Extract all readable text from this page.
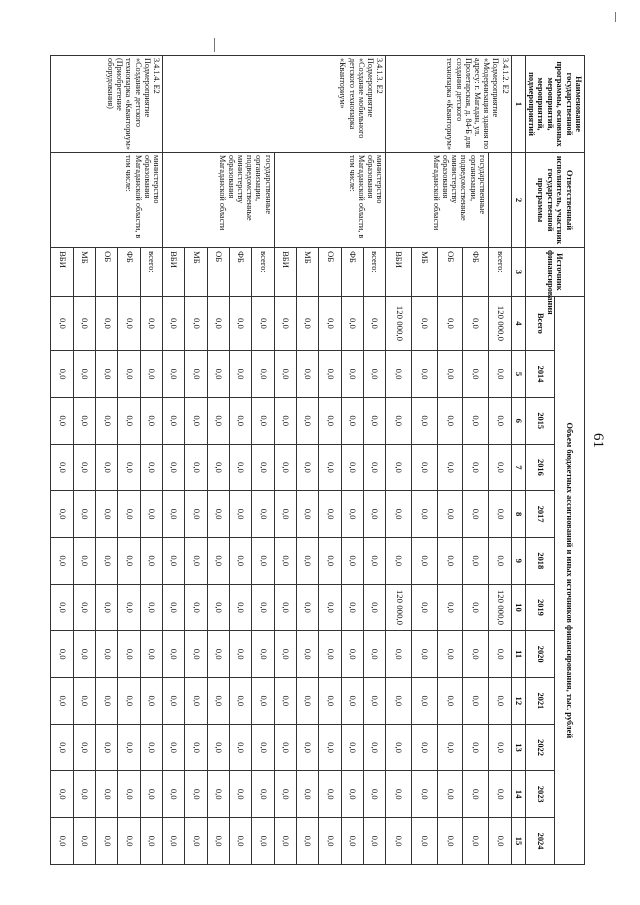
61
Наименование государственной программы, основных мероприятий, мероприятий, подмероприятий	Ответственный исполнитель, участник государственной программы	Источник финансирования	Объем бюджетных ассигнований и иных источников финансирования, тыс. рублей											
			Всего	2014	2015	2016	2017	2018	2019	2020	2021	2022	2023	2024
1	2	3	4	5	6	7	8	9	10	11	12	13	14	15
3.4.1.2. Е2 Подмероприятие «Модернизация здания по адресу: г. Магадан, ул. Пролетарская, д. 84-Б для создания детского технопарка «Кванториум»		всего:	120 000,0	0,0	0,0	0,0	0,0	0,0	120 000,0	0,0	0,0	0,0	0,0	0,0
	государственные организации, подведомственные министерству образования Магаданской области	ФБ	0,0	0,0	0,0	0,0	0,0	0,0	0,0	0,0	0,0	0,0	0,0	0,0
		ОБ	0,0	0,0	0,0	0,0	0,0	0,0	0,0	0,0	0,0	0,0	0,0	0,0
		МБ	0,0	0,0	0,0	0,0	0,0	0,0	0,0	0,0	0,0	0,0	0,0	0,0
		ВБИ	120 000,0	0,0	0,0	0,0	0,0	0,0	120 000,0	0,0	0,0	0,0	0,0	0,0
3.4.1.3. Е2 Подмероприятие «Создание мобильного детского технопарка «Кванториум»	министерство образования Магаданской области, в том числе:	всего:	0,0	0,0	0,0	0,0	0,0	0,0	0,0	0,0	0,0	0,0	0,0	0,0
		ФБ	0,0	0,0	0,0	0,0	0,0	0,0	0,0	0,0	0,0	0,0	0,0	0,0
		ОБ	0,0	0,0	0,0	0,0	0,0	0,0	0,0	0,0	0,0	0,0	0,0	0,0
		МБ	0,0	0,0	0,0	0,0	0,0	0,0	0,0	0,0	0,0	0,0	0,0	0,0
		ВБИ	0,0	0,0	0,0	0,0	0,0	0,0	0,0	0,0	0,0	0,0	0,0	0,0
	государственные организации, подведомственные министерству образования Магаданской области	всего:	0,0	0,0	0,0	0,0	0,0	0,0	0,0	0,0	0,0	0,0	0,0	0,0
		ФБ	0,0	0,0	0,0	0,0	0,0	0,0	0,0	0,0	0,0	0,0	0,0	0,0
		ОБ	0,0	0,0	0,0	0,0	0,0	0,0	0,0	0,0	0,0	0,0	0,0	0,0
		МБ	0,0	0,0	0,0	0,0	0,0	0,0	0,0	0,0	0,0	0,0	0,0	0,0
		ВБИ	0,0	0,0	0,0	0,0	0,0	0,0	0,0	0,0	0,0	0,0	0,0	0,0
3.4.1.4. Е2 Подмероприятие «Создание детского технопарка «Кванториум» (Приобретение оборудования)	министерство образования Магаданской области, в том числе:	всего:	0,0	0,0	0,0	0,0	0,0	0,0	0,0	0,0	0,0	0,0	0,0	0,0
		ФБ	0,0	0,0	0,0	0,0	0,0	0,0	0,0	0,0	0,0	0,0	0,0	0,0
		ОБ	0,0	0,0	0,0	0,0	0,0	0,0	0,0	0,0	0,0	0,0	0,0	0,0
		МБ	0,0	0,0	0,0	0,0	0,0	0,0	0,0	0,0	0,0	0,0	0,0	0,0
		ВБИ	0,0	0,0	0,0	0,0	0,0	0,0	0,0	0,0	0,0	0,0	0,0	0,0
